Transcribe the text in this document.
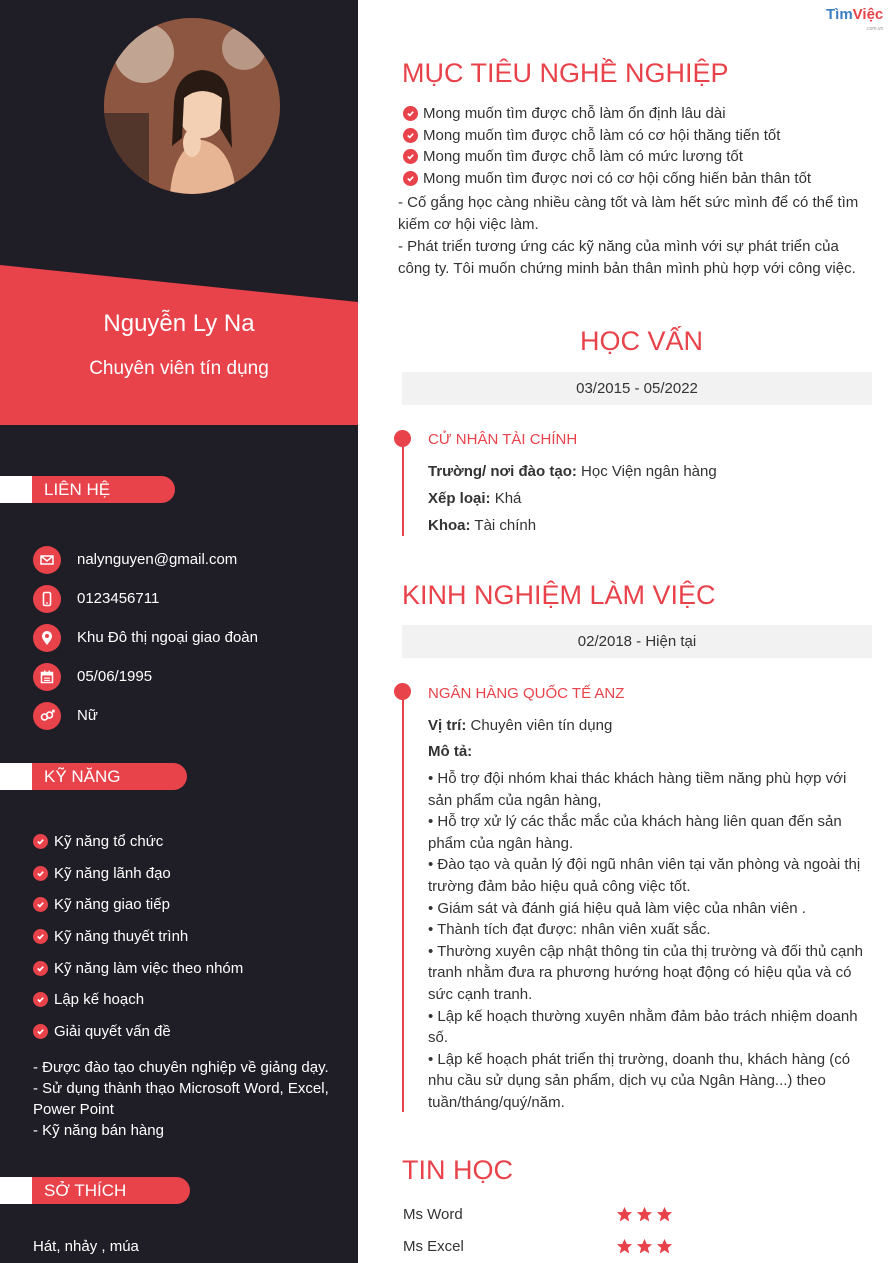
Nguyễn Ly Na
Chuyên viên tín dụng
LIÊN HỆ
nalynguyen@gmail.com
0123456711
Khu Đô thị ngoại giao đoàn
05/06/1995
Nữ
KỸ NĂNG
Kỹ năng tổ chức
Kỹ năng lãnh đạo
Kỹ năng giao tiếp
Kỹ năng thuyết trình
Kỹ năng làm việc theo nhóm
Lập kế hoạch
Giải quyết vấn đề
- Được đào tạo chuyên nghiệp về giảng dạy.
- Sử dụng thành thạo Microsoft Word, Excel, Power Point
- Kỹ năng bán hàng
SỞ THÍCH
Hát, nhảy , múa
TìmViệc
.com.vn
MỤC TIÊU NGHỀ NGHIỆP
Mong muốn tìm được chỗ làm ổn định lâu dài
Mong muốn tìm được chỗ làm có cơ hội thăng tiến tốt
Mong muốn tìm được chỗ làm có mức lương tốt
Mong muốn tìm được nơi có cơ hội cống hiến bản thân tốt
- Cố gắng học càng nhiều càng tốt và làm hết sức mình để có thể tìm kiếm cơ hội việc làm.
- Phát triển tương ứng các kỹ năng của mình với sự phát triển của công ty. Tôi muốn chứng minh bản thân mình phù hợp với công việc.
HỌC VẤN
03/2015 - 05/2022
CỬ NHÂN TÀI CHÍNH
Trường/ nơi đào tạo: Học Viện ngân hàng
Xếp loại: Khá
Khoa: Tài chính
KINH NGHIỆM LÀM VIỆC
02/2018 - Hiện tại
NGÂN HÀNG QUỐC TẾ ANZ
Vị trí: Chuyên viên tín dụng
Mô tả:
• Hỗ trợ đội nhóm khai thác khách hàng tiềm năng phù hợp với sản phẩm của ngân hàng,
• Hỗ trợ xử lý các thắc mắc của khách hàng liên quan đến sản phẩm của ngân hàng.
• Đào tạo và quản lý đội ngũ nhân viên tại văn phòng và ngoài thị trường đảm bảo hiệu quả công việc tốt.
• Giám sát và đánh giá hiệu quả làm việc của nhân viên .
• Thành tích đạt được: nhân viên xuất sắc.
• Thường xuyên cập nhật thông tin của thị trường và đối thủ cạnh tranh nhằm đưa ra phương hướng hoạt động có hiệu qủa và có sức cạnh tranh.
• Lập kế hoạch thường xuyên nhằm đảm bảo trách nhiệm doanh số.
• Lập kế hoạch phát triển thị trường, doanh thu, khách hàng (có nhu cầu sử dụng sản phẩm, dịch vụ của Ngân Hàng...) theo tuần/tháng/quý/năm.
TIN HỌC
Ms Word
Ms Excel
